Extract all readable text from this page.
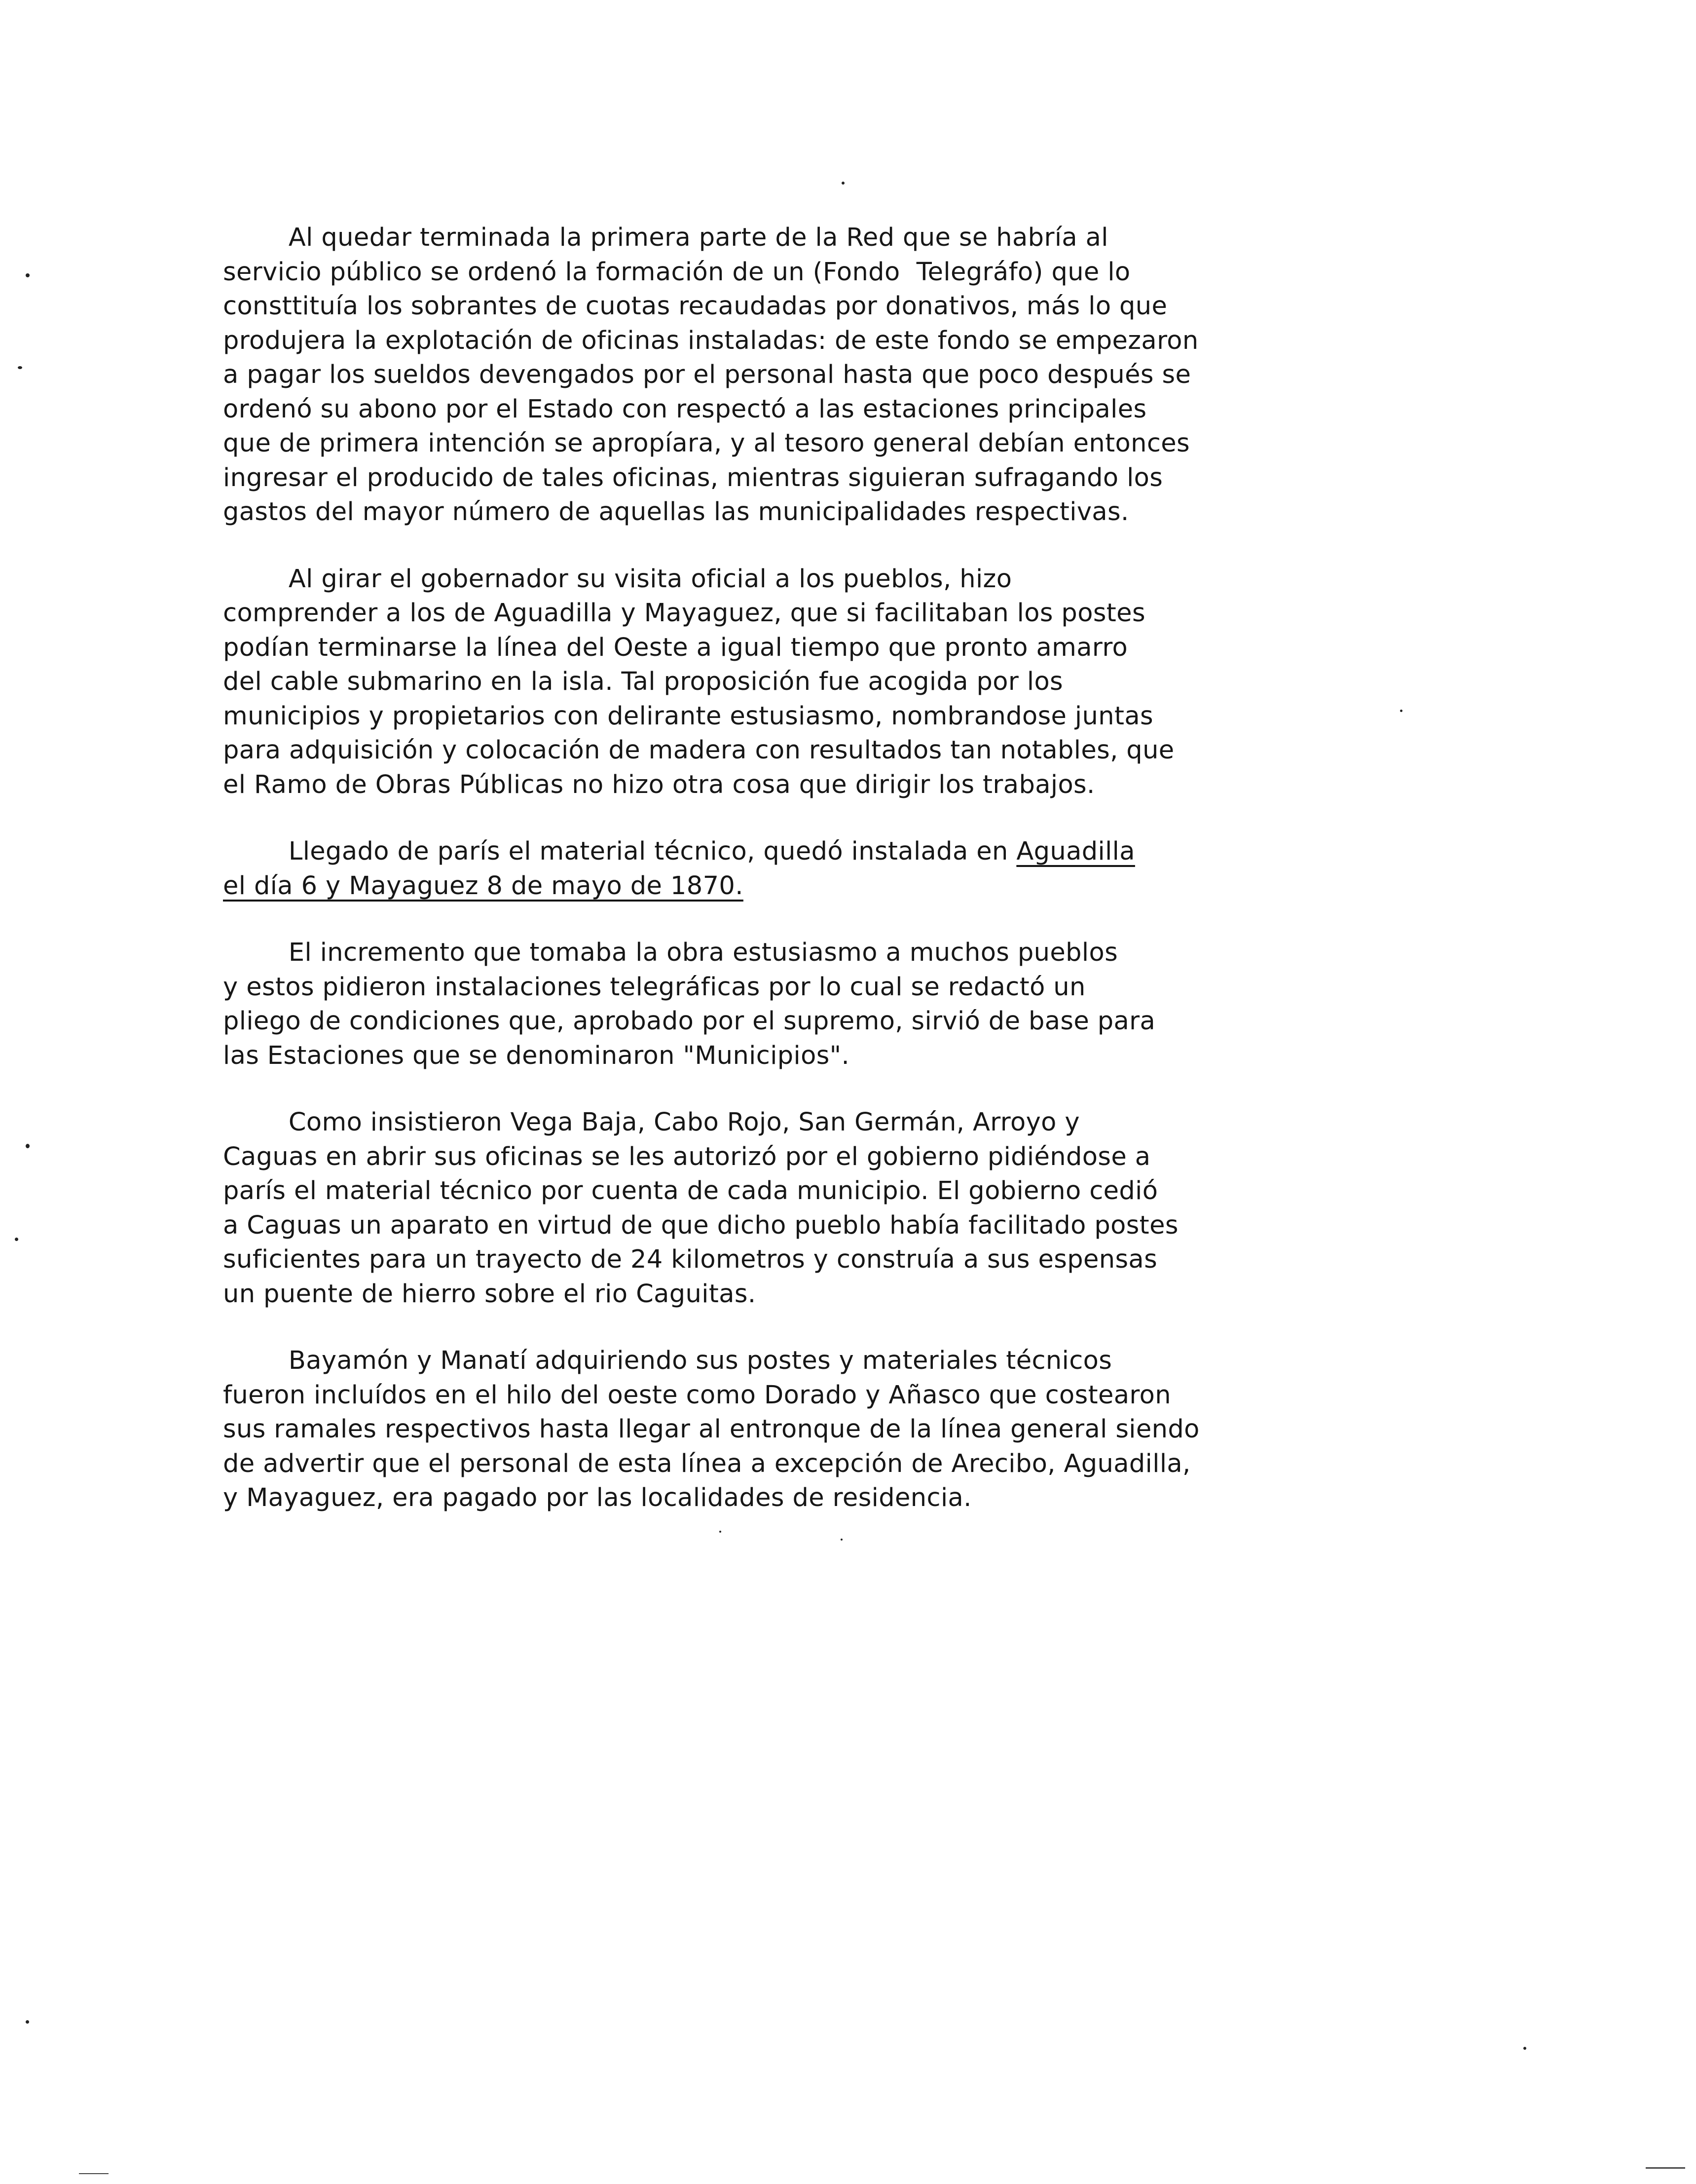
Al quedar terminada la primera parte de la Red que se habría al
servicio público se ordenó la formación de un (Fondo  Telegráfo) que lo
consttituía los sobrantes de cuotas recaudadas por donativos, más lo que
produjera la explotación de oficinas instaladas: de este fondo se empezaron
a pagar los sueldos devengados por el personal hasta que poco después se
ordenó su abono por el Estado con respectó a las estaciones principales
que de primera intención se apropíara, y al tesoro general debían entonces
ingresar el producido de tales oficinas, mientras siguieran sufragando los
gastos del mayor número de aquellas las municipalidades respectivas.
Al girar el gobernador su visita oficial a los pueblos, hizo
comprender a los de Aguadilla y Mayaguez, que si facilitaban los postes
podían terminarse la línea del Oeste a igual tiempo que pronto amarro
del cable submarino en la isla. Tal proposición fue acogida por los
municipios y propietarios con delirante estusiasmo, nombrandose juntas
para adquisición y colocación de madera con resultados tan notables, que
el Ramo de Obras Públicas no hizo otra cosa que dirigir los trabajos.
Llegado de parís el material técnico, quedó instalada en Aguadilla
el día 6 y Mayaguez 8 de mayo de 1870.
El incremento que tomaba la obra estusiasmo a muchos pueblos
y estos pidieron instalaciones telegráficas por lo cual se redactó un
pliego de condiciones que, aprobado por el supremo, sirvió de base para
las Estaciones que se denominaron "Municipios".
Como insistieron Vega Baja, Cabo Rojo, San Germán, Arroyo y
Caguas en abrir sus oficinas se les autorizó por el gobierno pidiéndose a
parís el material técnico por cuenta de cada municipio. El gobierno cedió
a Caguas un aparato en virtud de que dicho pueblo había facilitado postes
suficientes para un trayecto de 24 kilometros y construía a sus espensas
un puente de hierro sobre el rio Caguitas.
Bayamón y Manatí adquiriendo sus postes y materiales técnicos
fueron incluídos en el hilo del oeste como Dorado y Añasco que costearon
sus ramales respectivos hasta llegar al entronque de la línea general siendo
de advertir que el personal de esta línea a excepción de Arecibo, Aguadilla,
y Mayaguez, era pagado por las localidades de residencia.
